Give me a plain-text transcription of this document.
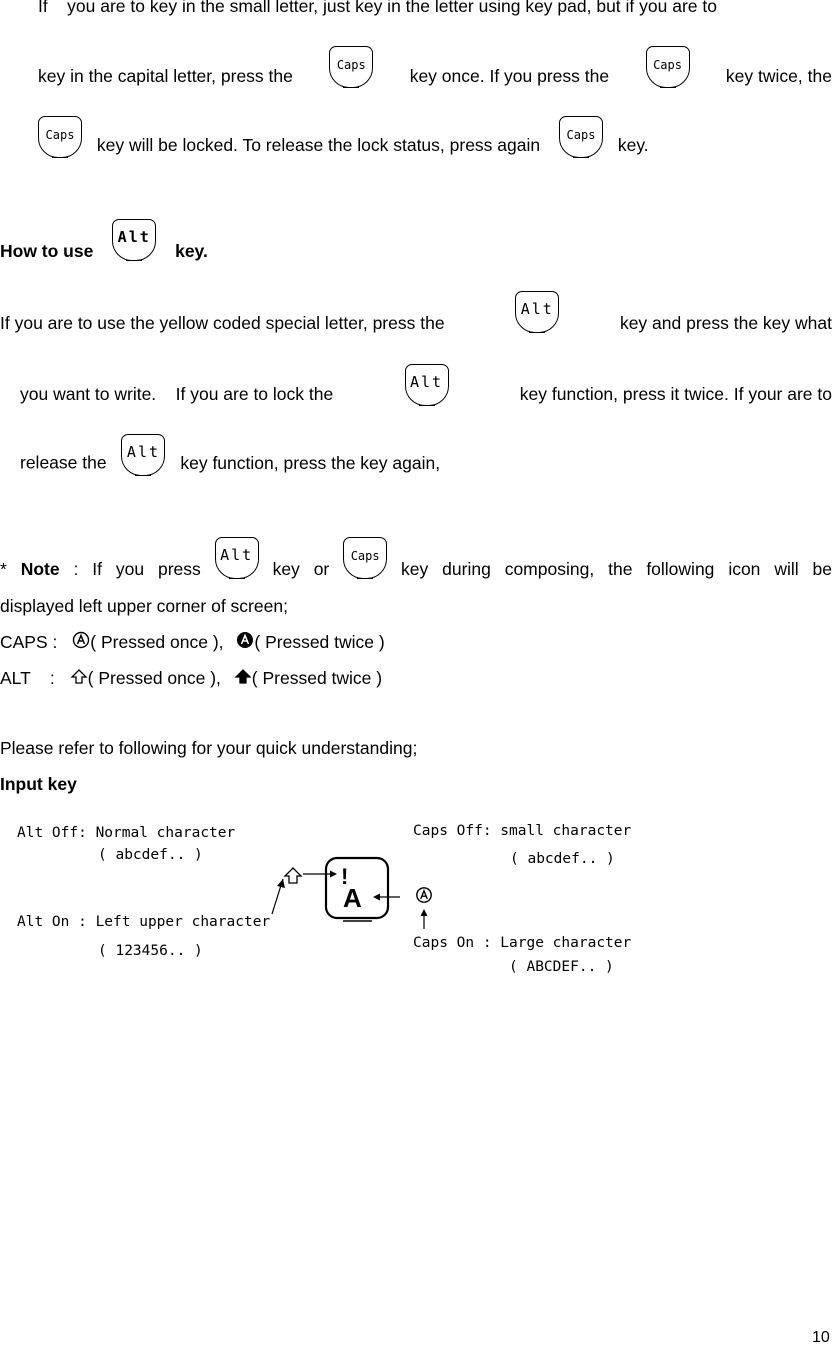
If    you are to key in the small letter, just key in the letter using key pad, but if you are to
key in the capital letter, press the
Caps
key once. If you press the
Caps
key twice, the
Caps	key will be locked. To release the lock status, press again	Caps	key.
How to use
Alt
key.
If you are to use the yellow coded special letter, press the
Alt
key and press the key what
you want to write.    If you are to lock the
Alt
key function, press it twice. If your are to
release the
Alt
key function, press the key again,
* Note : If you press
Alt
key or
Caps
key during composing, the following icon will be
displayed left upper corner of screen;
CAPS : ( Pressed once ), ( Pressed twice )
ALT    : ( Pressed once ), ( Pressed twice )
Please refer to following for your quick understanding;
Input key
Alt Off: Normal character
( abcdef.. )
Alt On : Left upper character
( 123456.. )
Caps Off: small character
( abcdef.. )
Caps On : Large character
( ABCDEF.. )
!
A
10
